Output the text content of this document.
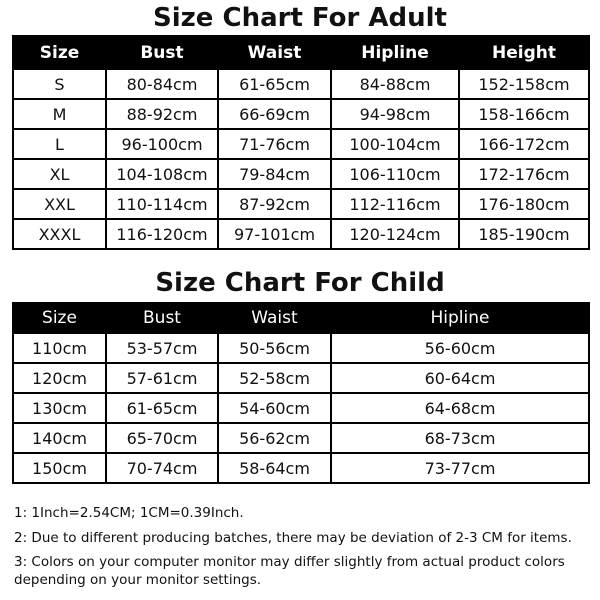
Size Chart For Adult
Size	Bust	Waist	Hipline	Height
S	80-84cm	61-65cm	84-88cm	152-158cm
M	88-92cm	66-69cm	94-98cm	158-166cm
L	96-100cm	71-76cm	100-104cm	166-172cm
XL	104-108cm	79-84cm	106-110cm	172-176cm
XXL	110-114cm	87-92cm	112-116cm	176-180cm
XXXL	116-120cm	97-101cm	120-124cm	185-190cm
Size Chart For Child
Size	Bust	Waist	Hipline
110cm	53-57cm	50-56cm	56-60cm
120cm	57-61cm	52-58cm	60-64cm
130cm	61-65cm	54-60cm	64-68cm
140cm	65-70cm	56-62cm	68-73cm
150cm	70-74cm	58-64cm	73-77cm

1: 1Inch=2.54CM; 1CM=0.39Inch.

2: Due to different producing batches, there may be deviation of 2-3 CM for items.

3: Colors on your computer monitor may differ slightly from actual product colors depending on your monitor settings.
